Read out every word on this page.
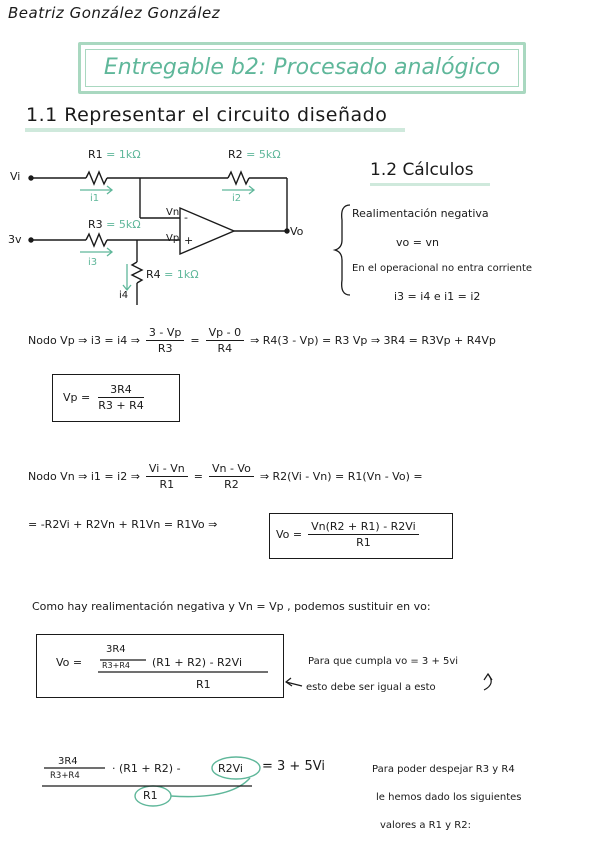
Beatriz González González
Entregable b2: Procesado analógico
1.1 Representar el circuito diseñado
Vi
3v
Vo
Vn
Vp
-
+
R1 = 1kΩ	R2 = 5kΩ
R3 = 5kΩ
R4 = 1kΩ
i1	i2
i3
i4
1.2 Cálculos
Realimentación negativa
vo = vn
En el operacional no entra corriente
i3 = i4 e i1 = i2
Nodo Vp ⇒ i3 = i4 ⇒ $\frac{3 - Vp}{R3} = \frac{Vp - 0}{R4}$ ⇒ R4(3 - Vp) = R3 Vp ⇒ 3R4 = R3Vp + R4Vp
$Vp = \frac{3R4}{R3 + R4}$
Nodo Vn ⇒ i1 = i2 ⇒ $\frac{Vi - Vn}{R1} = \frac{Vn - Vo}{R2}$ ⇒ R2(Vi - Vn) = R1(Vn - Vo) =
= -R2Vi + R2Vn + R1Vn = R1Vo ⇒
$Vo = \frac{Vn(R2 + R1) - R2Vi}{R1}$
Como hay realimentación negativa y Vn = Vp , podemos sustituir en vo:
Vo =
3R4
R3+R4 (R1 + R2) - R2Vi
R1
Para que cumpla vo = 3 + 5vi
esto debe ser igual a esto
3R4
R3+R4
· (R1 + R2) -	R2Vi
R1
= 3 + 5Vi	Para poder despejar R3 y R4
le hemos dado los siguientes
valores a R1 y R2:
